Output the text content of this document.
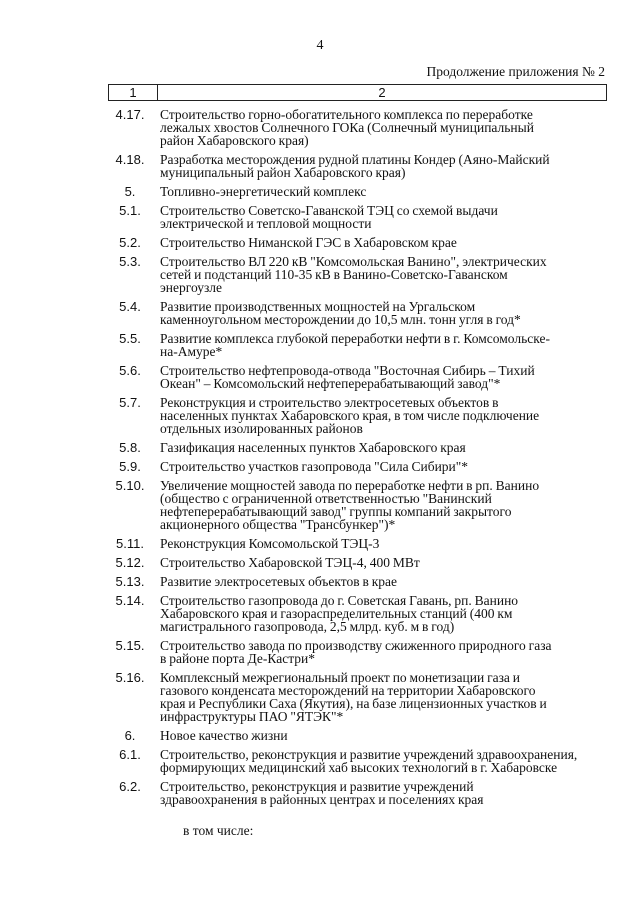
4
Продолжение приложения № 2
1	2
4.17.	Строительство горно-обогатительного комплекса по переработке
лежалых хвостов Солнечного ГОКа (Солнечный муниципальный
район Хабаровского края)
4.18.	Разработка месторождения рудной платины Кондер (Аяно-Майский
муниципальный район Хабаровского края)
5.	Топливно-энергетический комплекс
5.1.	Строительство Советско-Гаванской ТЭЦ со схемой выдачи
электрической и тепловой мощности
5.2.	Строительство Ниманской ГЭС в Хабаровском крае
5.3.	Строительство ВЛ 220 кВ "Комсомольская Ванино", электрических
сетей и подстанций 110-35 кВ в Ванино-Советско-Гаванском
энергоузле
5.4.	Развитие производственных мощностей на Ургальском
каменноугольном месторождении до 10,5 млн. тонн угля в год*
5.5.	Развитие комплекса глубокой переработки нефти в г. Комсомольске-
на-Амуре*
5.6.	Строительство нефтепровода-отвода "Восточная Сибирь – Тихий
Океан" – Комсомольский нефтеперерабатывающий завод"*
5.7.	Реконструкция и строительство электросетевых объектов в
населенных пунктах Хабаровского края, в том числе подключение
отдельных изолированных районов
5.8.	Газификация населенных пунктов Хабаровского края
5.9.	Строительство участков газопровода "Сила Сибири"*
5.10.	Увеличение мощностей завода по переработке нефти в рп. Ванино
(общество с ограниченной ответственностью "Ванинский
нефтеперерабатывающий завод" группы компаний закрытого
акционерного общества "Трансбункер")*
5.11.	Реконструкция Комсомольской ТЭЦ-3
5.12.	Строительство Хабаровской ТЭЦ-4, 400 МВт
5.13.	Развитие электросетевых объектов в крае
5.14.	Строительство газопровода до г. Советская Гавань, рп. Ванино
Хабаровского края и газораспределительных станций (400 км
магистрального газопровода, 2,5 млрд. куб. м в год)
5.15.	Строительство завода по производству сжиженного природного газа
в районе порта Де-Кастри*
5.16.	Комплексный межрегиональный проект по монетизации газа и
газового конденсата месторождений на территории Хабаровского
края и Республики Саха (Якутия), на базе лицензионных участков и
инфраструктуры ПАО "ЯТЭК"*
6.	Новое качество жизни
6.1.	Строительство, реконструкция и развитие учреждений здравоохранения,
формирующих медицинский хаб высоких технологий в г. Хабаровске
6.2.	Строительство, реконструкция и развитие учреждений
здравоохранения в районных центрах и поселениях края
в том числе:
